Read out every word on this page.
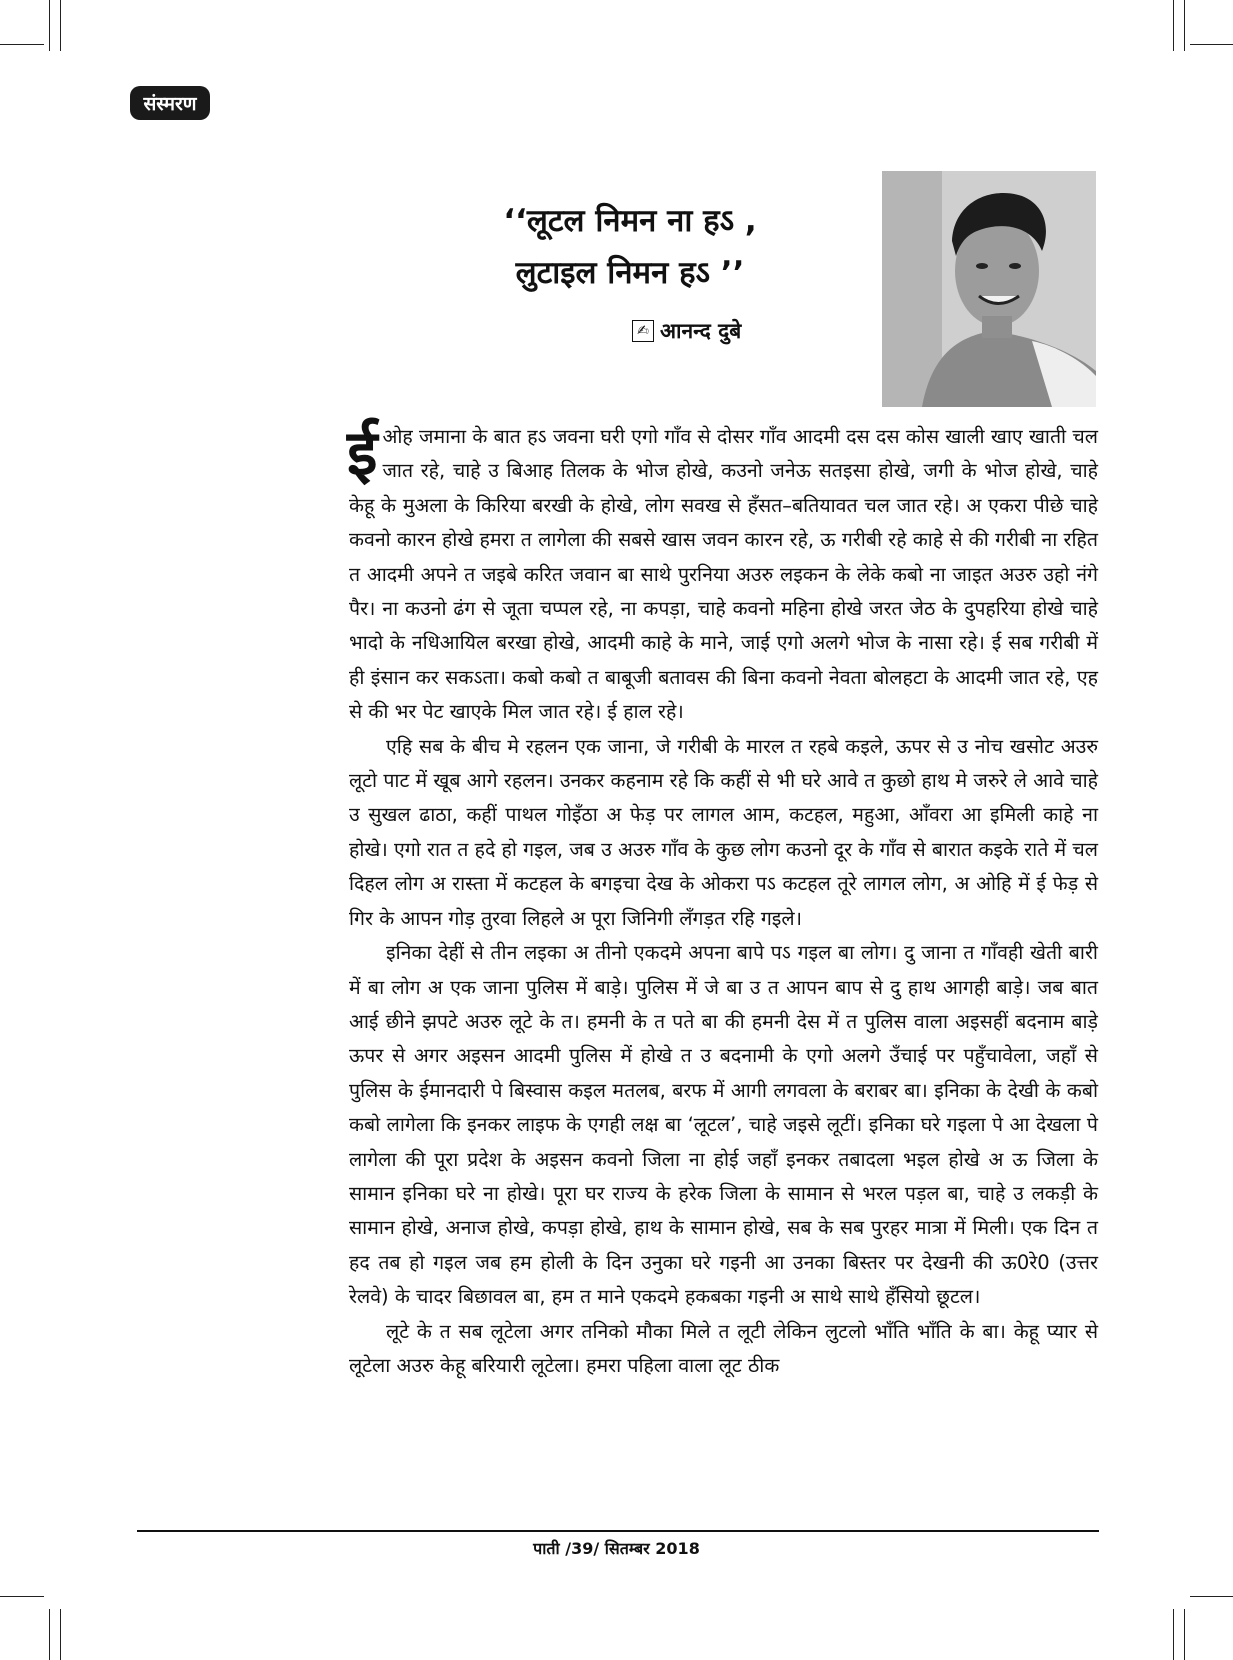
संस्मरण
‘‘लूटल निमन ना हऽ ,
लुटाइल निमन हऽ ’’
✍ आनन्द दुबे

ईओह जमाना के बात हऽ जवना घरी एगो गाँव से दोसर गाँव आदमी दस दस कोस खाली खाए खाती चल जात रहे, चाहे उ बिआह तिलक के भोज होखे, कउनो जनेऊ सतइसा होखे, जगी के भोज होखे, चाहे केहू के मुअला के किरिया बरखी के होखे, लोग सवख से हँसत–बतियावत चल जात रहे। अ एकरा पीछे चाहे कवनो कारन होखे हमरा त लागेला की सबसे खास जवन कारन रहे, ऊ गरीबी रहे काहे से की गरीबी ना रहित त आदमी अपने त जइबे करित जवान बा साथे पुरनिया अउरु लइकन के लेके कबो ना जाइत अउरु उहो नंगे पैर। ना कउनो ढंग से जूता चप्पल रहे, ना कपड़ा, चाहे कवनो महिना होखे जरत जेठ के दुपहरिया होखे चाहे भादो के नधिआयिल बरखा होखे, आदमी काहे के माने, जाई एगो अलगे भोज के नासा रहे। ई सब गरीबी में ही इंसान कर सकऽता। कबो कबो त बाबूजी बतावस की बिना कवनो नेवता बोलहटा के आदमी जात रहे, एह से की भर पेट खाएके मिल जात रहे। ई हाल रहे।

एहि सब के बीच मे रहलन एक जाना, जे गरीबी के मारल त रहबे कइले, ऊपर से उ नोच खसोट अउरु लूटो पाट में खूब आगे रहलन। उनकर कहनाम रहे कि कहीं से भी घरे आवे त कुछो हाथ मे जरुरे ले आवे चाहे उ सुखल ढाठा, कहीं पाथल गोइँठा अ फेड़ पर लागल आम, कटहल, महुआ, आँवरा आ इमिली काहे ना होखे। एगो रात त हदे हो गइल, जब उ अउरु गाँव के कुछ लोग कउनो दूर के गाँव से बारात कइके राते में चल दिहल लोग अ रास्ता में कटहल के बगइचा देख के ओकरा पऽ कटहल तूरे लागल लोग, अ ओहि में ई फेड़ से गिर के आपन गोड़ तुरवा लिहले अ पूरा जिनिगी लँगड़त रहि गइले।

इनिका देहीं से तीन लइका अ तीनो एकदमे अपना बापे पऽ गइल बा लोग। दु जाना त गाँवही खेती बारी में बा लोग अ एक जाना पुलिस में बाड़े। पुलिस में जे बा उ त आपन बाप से दु हाथ आगही बाड़े। जब बात आई छीने झपटे अउरु लूटे के त। हमनी के त पते बा की हमनी देस में त पुलिस वाला अइसहीं बदनाम बाड़े ऊपर से अगर अइसन आदमी पुलिस में होखे त उ बदनामी के एगो अलगे उँचाई पर पहुँचावेला, जहाँ से पुलिस के ईमानदारी पे बिस्वास कइल मतलब, बरफ में आगी लगवला के बराबर बा। इनिका के देखी के कबो कबो लागेला कि इनकर लाइफ के एगही लक्ष बा ‘लूटल’, चाहे जइसे लूटीं। इनिका घरे गइला पे आ देखला पे लागेला की पूरा प्रदेश के अइसन कवनो जिला ना होई जहाँ इनकर तबादला भइल होखे अ ऊ जिला के सामान इनिका घरे ना होखे। पूरा घर राज्य के हरेक जिला के सामान से भरल पड़ल बा, चाहे उ लकड़ी के सामान होखे, अनाज होखे, कपड़ा होखे, हाथ के सामान होखे, सब के सब पुरहर मात्रा में मिली। एक दिन त हद तब हो गइल जब हम होली के दिन उनुका घरे गइनी आ उनका बिस्तर पर देखनी की ऊ0रे0 (उत्तर रेलवे) के चादर बिछावल बा, हम त माने एकदमे हकबका गइनी अ साथे साथे हँसियो छूटल।

लूटे के त सब लूटेला अगर तनिको मौका मिले त लूटी लेकिन लुटलो भाँति भाँति के बा। केहू प्यार से लूटेला अउरु केहू बरियारी लूटेला। हमरा पहिला वाला लूट ठीक

पाती /39/ सितम्बर 2018
